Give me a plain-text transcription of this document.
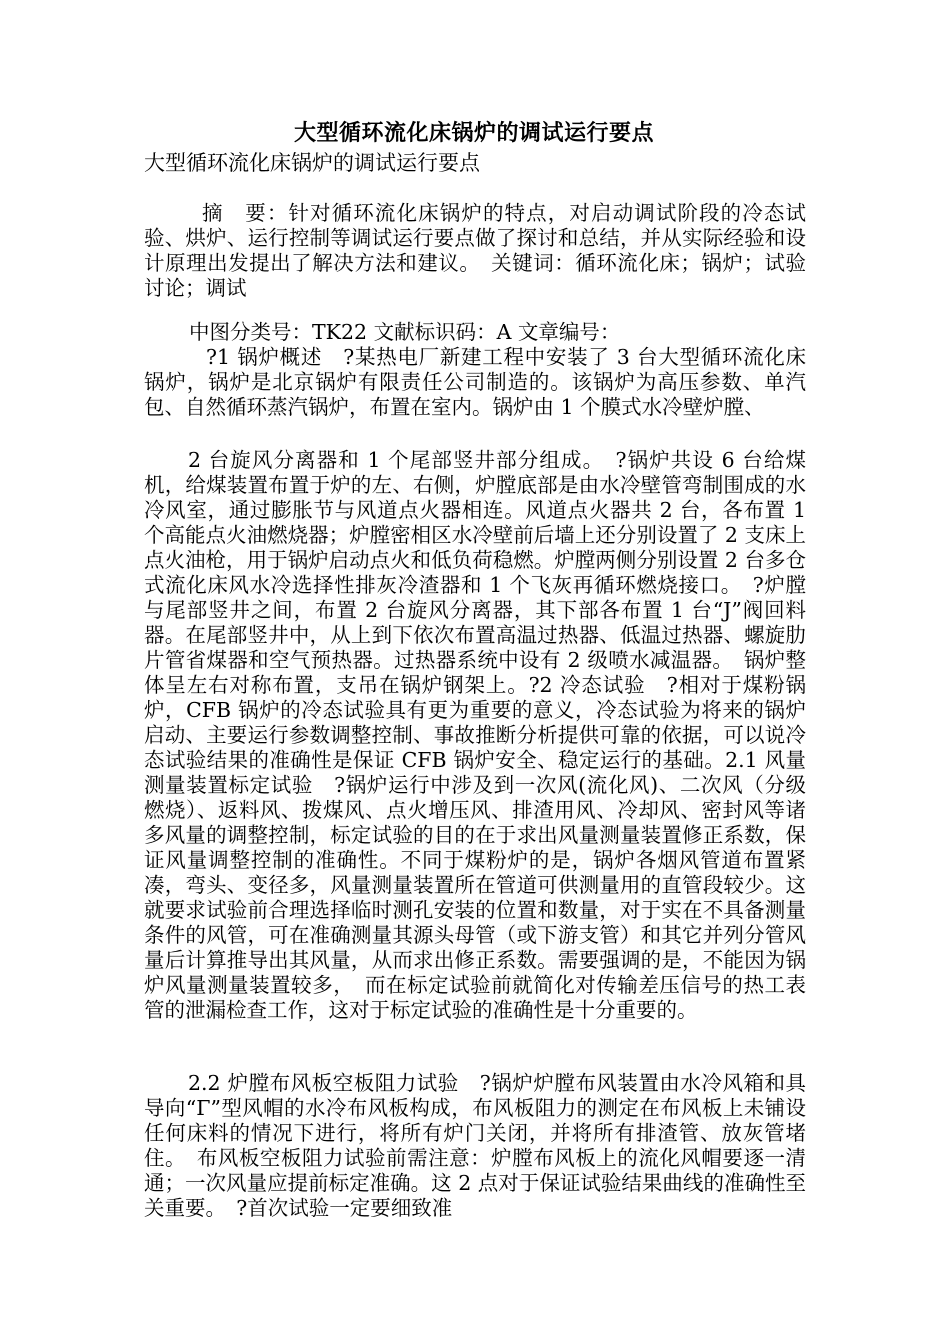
大型循环流化床锅炉的调试运行要点

大型循环流化床锅炉的调试运行要点

摘　要：针对循环流化床锅炉的特点，对启动调试阶段的冷态试验、烘炉、运行控制等调试运行要点做了探讨和总结，并从实际经验和设计原理出发提出了解决方法和建议。　关键词：循环流化床；锅炉；试验讨论；调试

中图分类号：TK22 文献标识码：A 文章编号：

?1 锅炉概述　?某热电厂新建工程中安装了 3 台大型循环流化床锅炉，锅炉是北京锅炉有限责任公司制造的。该锅炉为高压参数、单汽包、自然循环蒸汽锅炉，布置在室内。锅炉由 1 个膜式水冷壁炉膛、

2 台旋风分离器和 1 个尾部竖井部分组成。　?锅炉共设 6 台给煤机，给煤装置布置于炉的左、右侧，炉膛底部是由水冷壁管弯制围成的水冷风室，通过膨胀节与风道点火器相连。风道点火器共 2 台，各布置 1 个高能点火油燃烧器；炉膛密相区水冷壁前后墙上还分别设置了 2 支床上点火油枪，用于锅炉启动点火和低负荷稳燃。炉膛两侧分别设置 2 台多仓式流化床风水冷选择性排灰冷渣器和 1 个飞灰再循环燃烧接口。　?炉膛与尾部竖井之间，布置 2 台旋风分离器，其下部各布置 1 台“J”阀回料器。在尾部竖井中，从上到下依次布置高温过热器、低温过热器、螺旋肋片管省煤器和空气预热器。过热器系统中设有 2 级喷水减温器。　锅炉整体呈左右对称布置，支吊在锅炉钢架上。?2 冷态试验　?相对于煤粉锅炉，CFB 锅炉的冷态试验具有更为重要的意义，冷态试验为将来的锅炉启动、主要运行参数调整控制、事故推断分析提供可靠的依据，可以说冷态试验结果的准确性是保证 CFB 锅炉安全、稳定运行的基础。2.1 风量测量装置标定试验　?锅炉运行中涉及到一次风(流化风)、二次风（分级燃烧）、返料风、拨煤风、点火增压风、排渣用风、冷却风、密封风等诸多风量的调整控制，标定试验的目的在于求出风量测量装置修正系数，保证风量调整控制的准确性。不同于煤粉炉的是，锅炉各烟风管道布置紧凑，弯头、变径多，风量测量装置所在管道可供测量用的直管段较少。这就要求试验前合理选择临时测孔安装的位置和数量，对于实在不具备测量条件的风管，可在准确测量其源头母管（或下游支管）和其它并列分管风量后计算推导出其风量，从而求出修正系数。需要强调的是，不能因为锅炉风量测量装置较多，　而在标定试验前就简化对传输差压信号的热工表管的泄漏检查工作，这对于标定试验的准确性是十分重要的。

2.2 炉膛布风板空板阻力试验　?锅炉炉膛布风装置由水冷风箱和具导向“Γ”型风帽的水冷布风板构成，布风板阻力的测定在布风板上未铺设任何床料的情况下进行，将所有炉门关闭，并将所有排渣管、放灰管堵住。　布风板空板阻力试验前需注意：炉膛布风板上的流化风帽要逐一清通；一次风量应提前标定准确。这 2 点对于保证试验结果曲线的准确性至关重要。　?首次试验一定要细致准
